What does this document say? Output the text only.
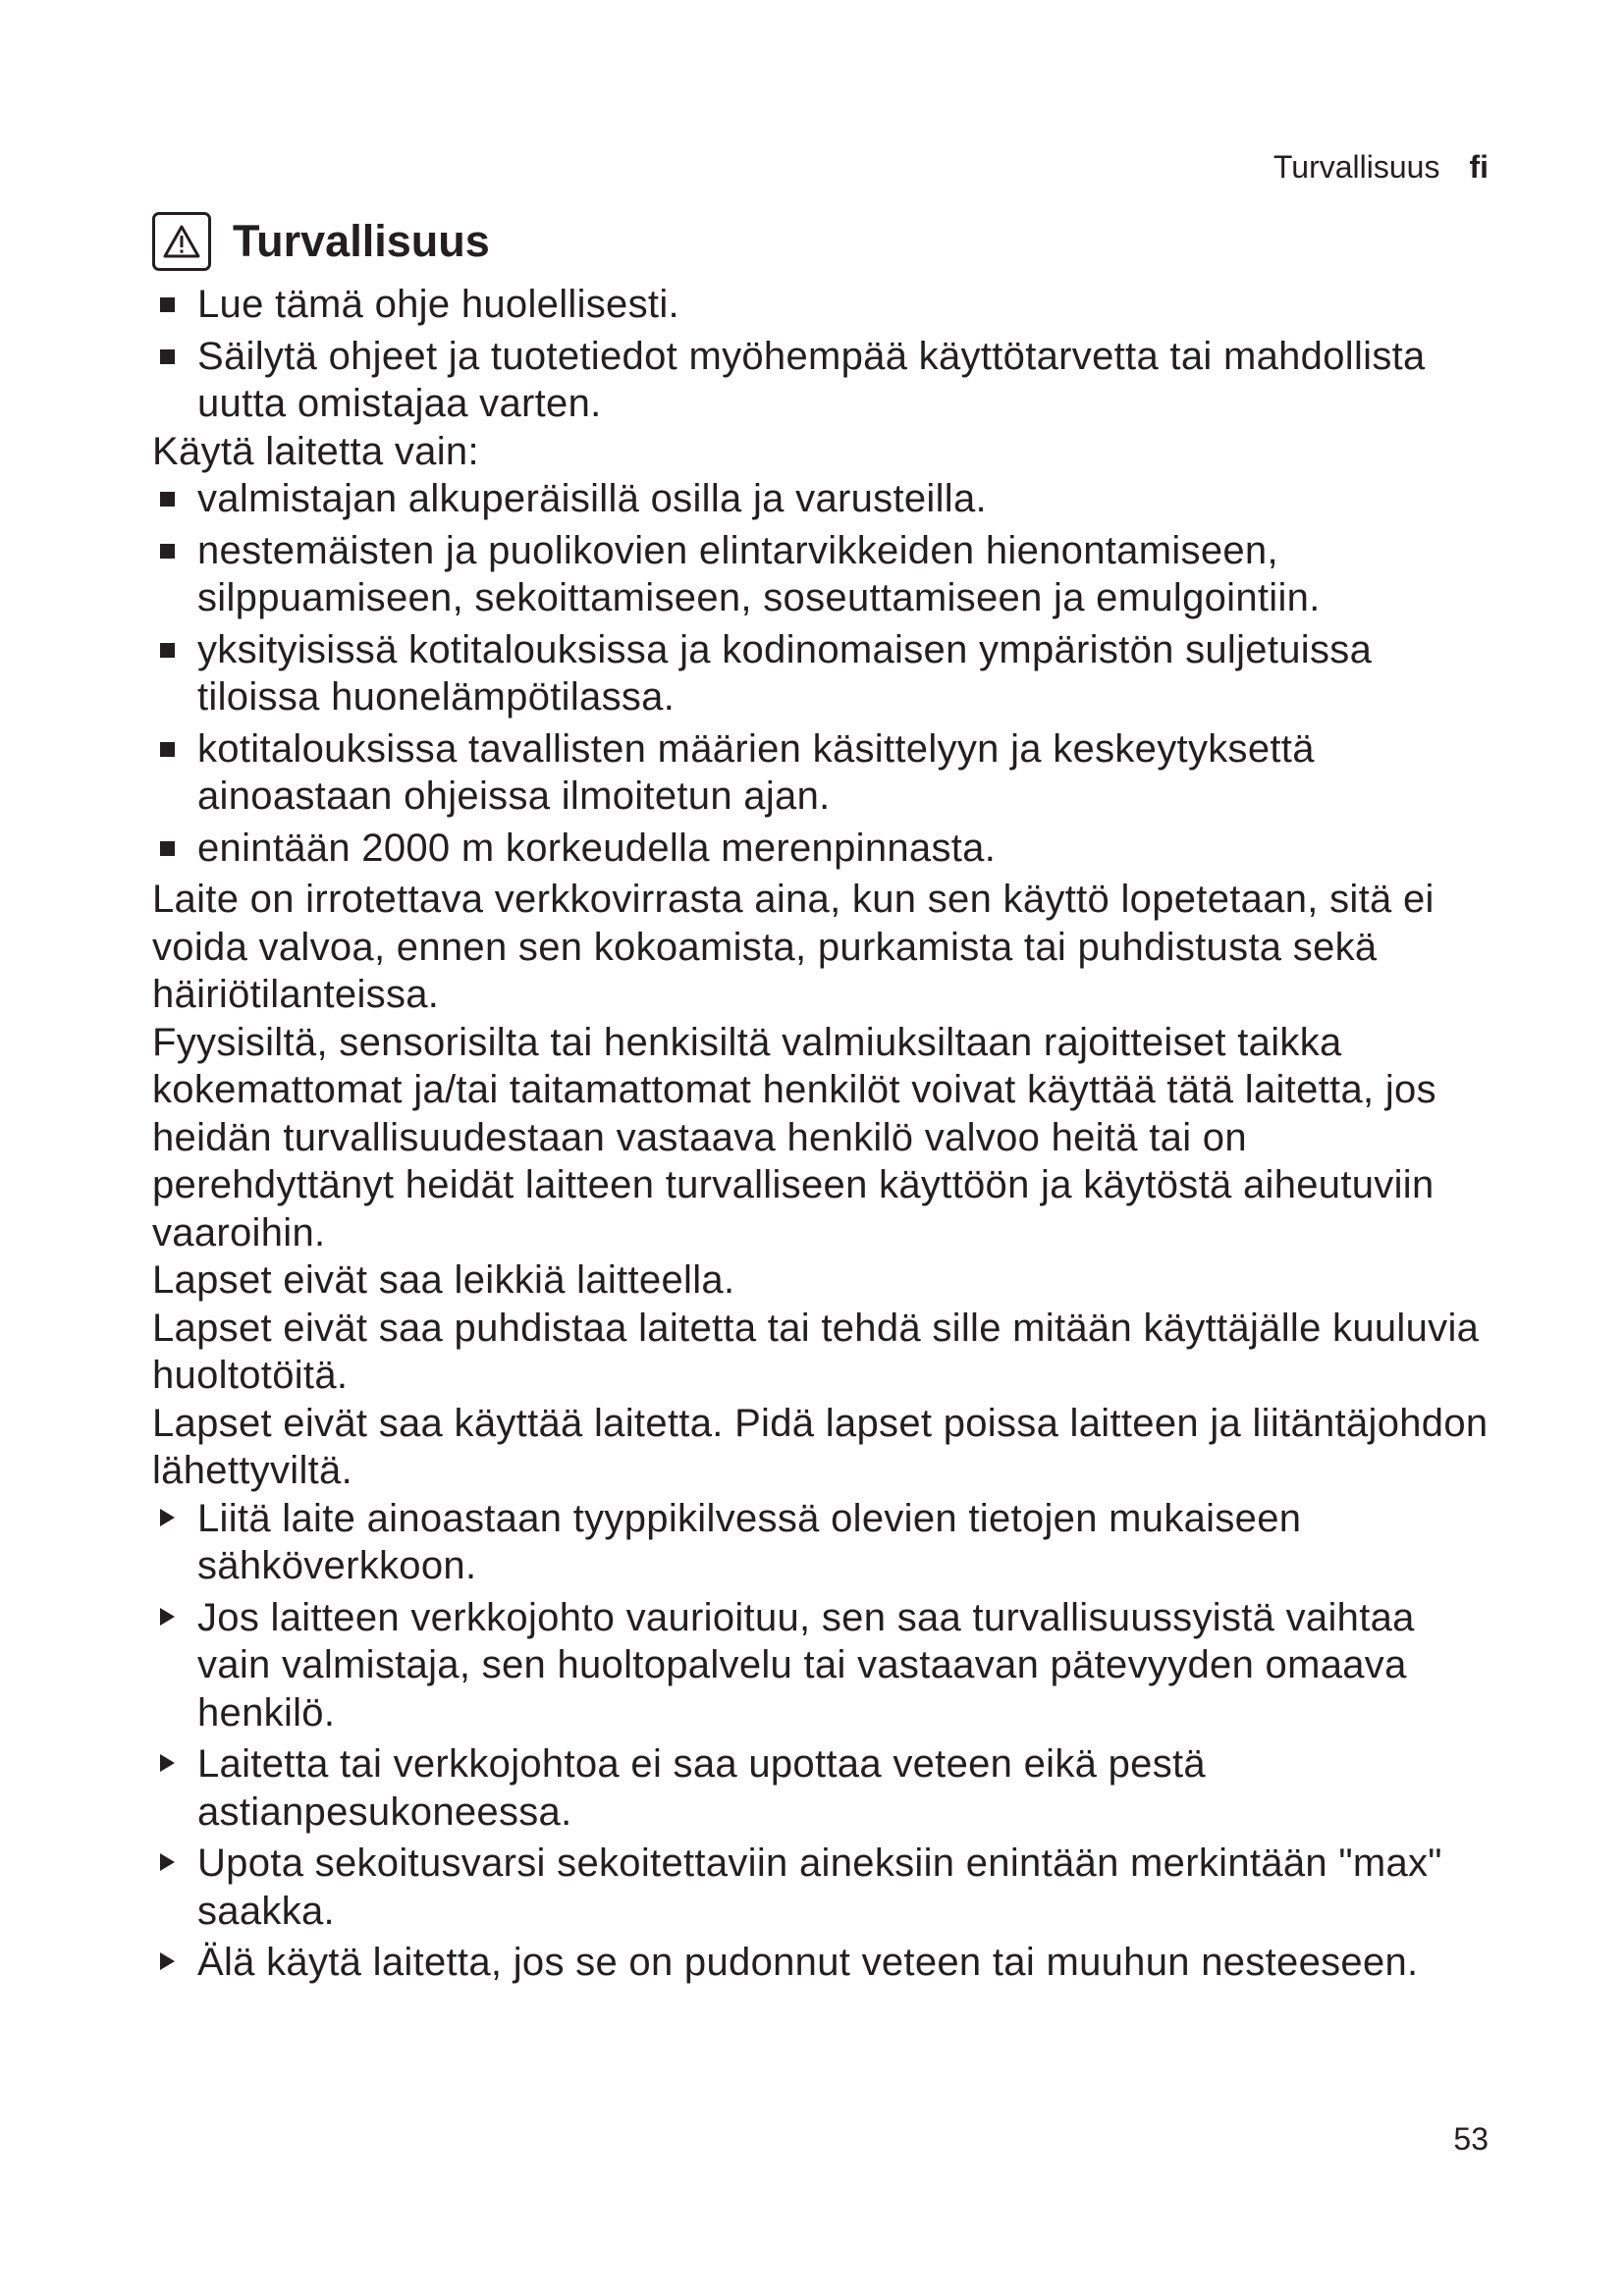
Turvallisuus fi
Turvallisuus
Lue tämä ohje huolellisesti.
Säilytä ohjeet ja tuotetiedot myöhempää käyttötarvetta tai mahdollista uutta omistajaa varten.

Käytä laitetta vain:

valmistajan alkuperäisillä osilla ja varusteilla.
nestemäisten ja puolikovien elintarvikkeiden hienontamiseen, silppuamiseen, sekoittamiseen, soseuttamiseen ja emulgointiin.
yksityisissä kotitalouksissa ja kodinomaisen ympäristön suljetuissa tiloissa huonelämpötilassa.
kotitalouksissa tavallisten määrien käsittelyyn ja keskeytyksettä ainoastaan ohjeissa ilmoitetun ajan.
enintään 2000 m korkeudella merenpinnasta.

Laite on irrotettava verkkovirrasta aina, kun sen käyttö lopetetaan, sitä ei voida valvoa, ennen sen kokoamista, purkamista tai puhdistusta sekä häiriötilanteissa.

Fyysisiltä, sensorisilta tai henkisiltä valmiuksiltaan rajoitteiset taikka kokemattomat ja/tai taitamattomat henkilöt voivat käyttää tätä laitetta, jos heidän turvallisuudestaan vastaava henkilö valvoo heitä tai on perehdyttänyt heidät laitteen turvalliseen käyttöön ja käytöstä aiheutuviin vaaroihin.

Lapset eivät saa leikkiä laitteella.

Lapset eivät saa puhdistaa laitetta tai tehdä sille mitään käyttäjälle kuuluvia huoltotöitä.

Lapset eivät saa käyttää laitetta. Pidä lapset poissa laitteen ja liitäntäjohdon lähettyviltä.

Liitä laite ainoastaan tyyppikilvessä olevien tietojen mukaiseen sähköverkkoon.
Jos laitteen verkkojohto vaurioituu, sen saa turvallisuussyistä vaihtaa vain valmistaja, sen huoltopalvelu tai vastaavan pätevyyden omaava henkilö.
Laitetta tai verkkojohtoa ei saa upottaa veteen eikä pestä astianpesukoneessa.
Upota sekoitusvarsi sekoitettaviin aineksiin enintään merkintään "max" saakka.
Älä käytä laitetta, jos se on pudonnut veteen tai muuhun nesteeseen.
53
